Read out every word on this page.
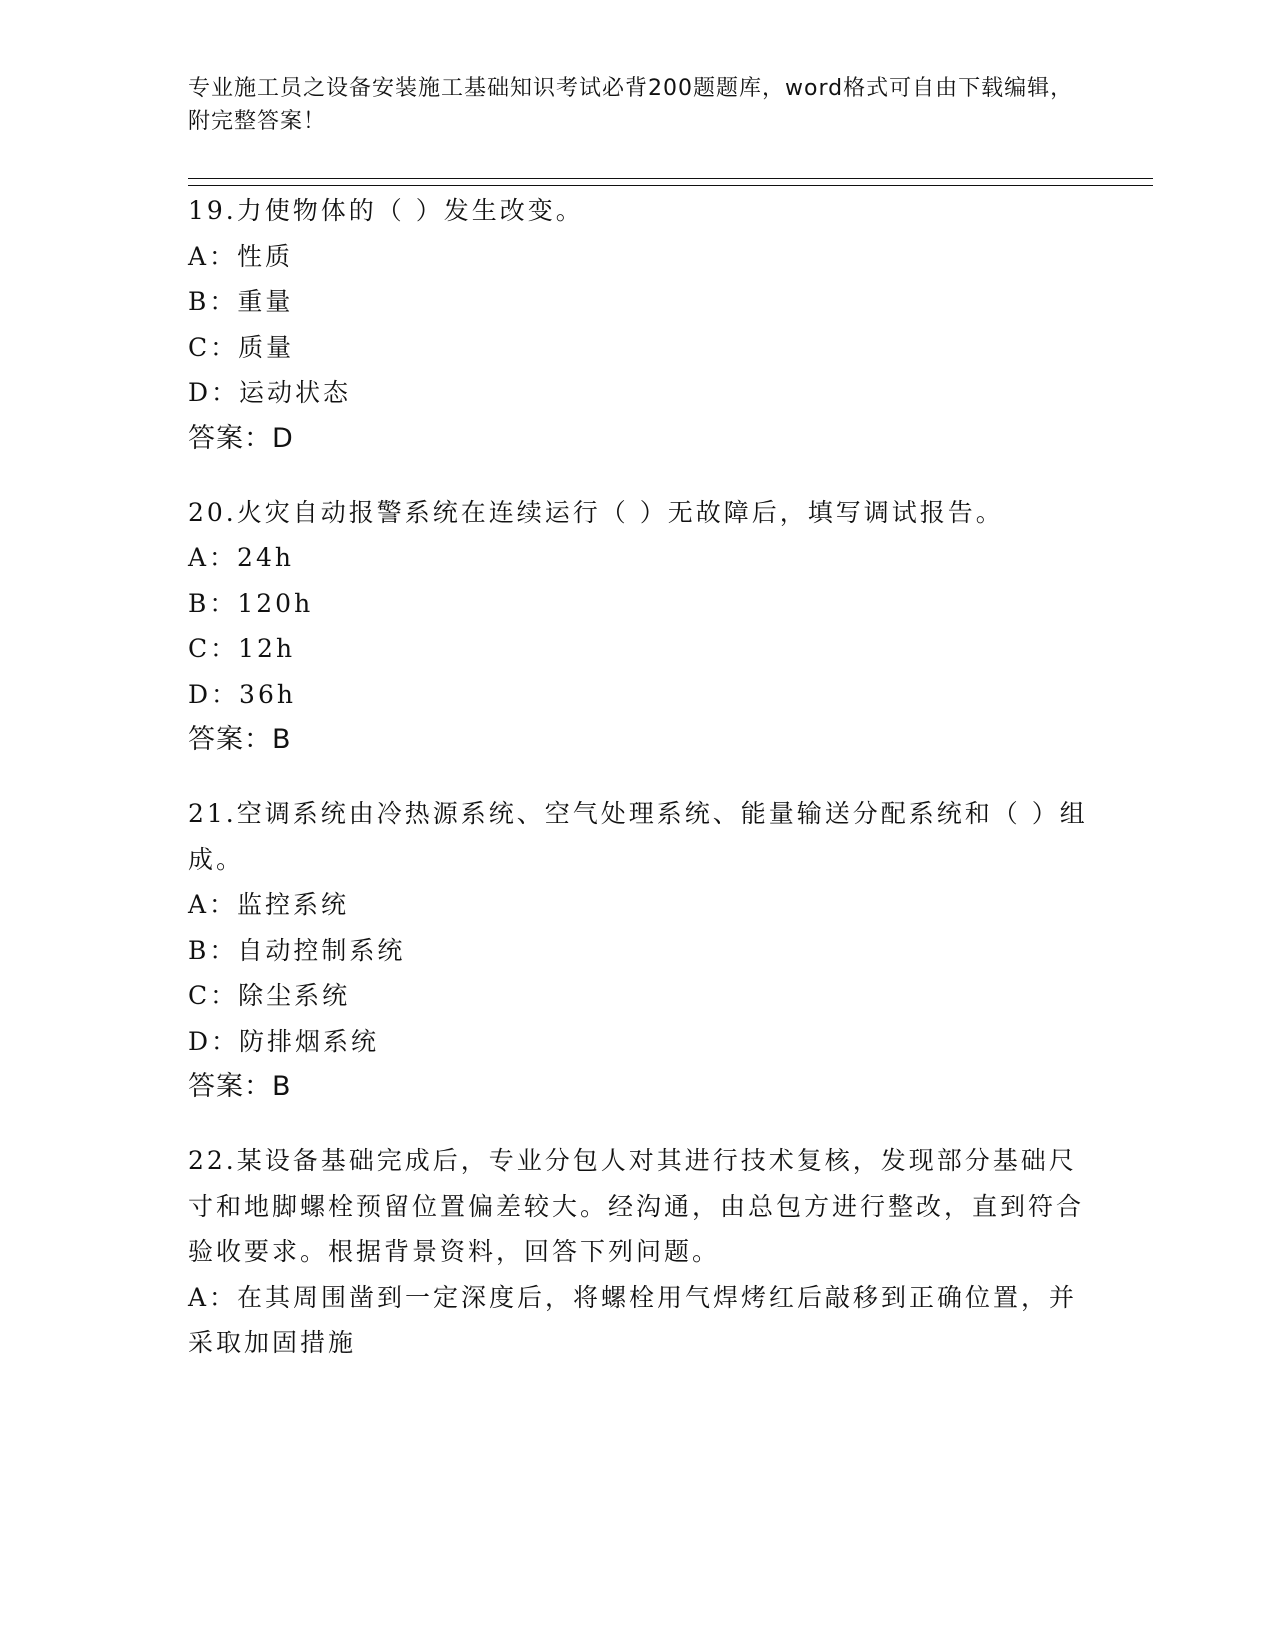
专业施工员之设备安装施工基础知识考试必背200题题库，word格式可自由下载编辑，附完整答案！

19.力使物体的（ ）发生改变。

A：性质

B：重量

C：质量

D：运动状态

答案：D

20.火灾自动报警系统在连续运行（ ）无故障后，填写调试报告。

A：24h

B：120h

C：12h

D：36h

答案：B

21.空调系统由冷热源系统、空气处理系统、能量输送分配系统和（ ）组成。

A：监控系统

B：自动控制系统

C：除尘系统

D：防排烟系统

答案：B

22.某设备基础完成后，专业分包人对其进行技术复核，发现部分基础尺寸和地脚螺栓预留位置偏差较大。经沟通，由总包方进行整改，直到符合验收要求。根据背景资料，回答下列问题。

A：在其周围凿到一定深度后，将螺栓用气焊烤红后敲移到正确位置，并采取加固措施
